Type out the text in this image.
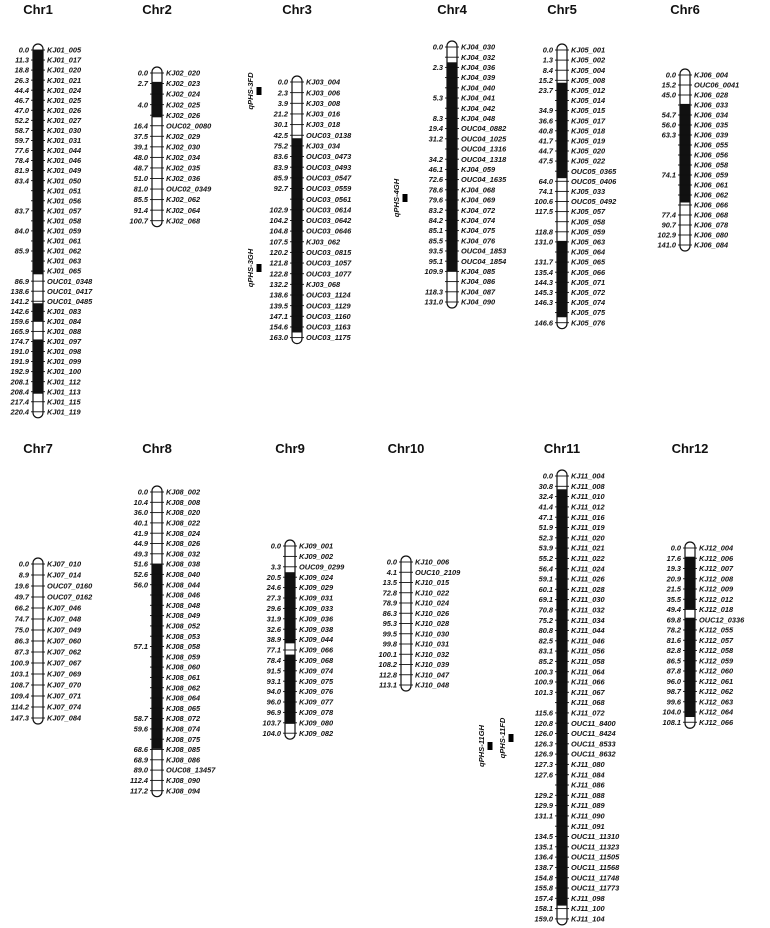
Chr1
0.0 KJ01_005
11.3 KJ01_017
18.8 KJ01_020
26.3 KJ01_021
44.4 KJ01_024
46.7 KJ01_025
47.0 KJ01_026
52.2 KJ01_027
58.7 KJ01_030
59.7 KJ01_031
77.6 KJ01_044
78.4 KJ01_046
81.9 KJ01_049
83.4 KJ01_050
KJ01_051
KJ01_056
83.7 KJ01_057
KJ01_058
84.0 KJ01_059
KJ01_061
85.9 KJ01_062
KJ01_063
KJ01_065
86.9 OUC01_0348
138.6 OUC01_0417
141.2 OUC01_0485
142.6 KJ01_083
159.6 KJ01_084
165.9 KJ01_088
174.7 KJ01_097
191.0 KJ01_098
191.9 KJ01_099
192.9 KJ01_100
208.1 KJ01_112
208.4 KJ01_113
217.4 KJ01_115
220.4 KJ01_119
Chr2
0.0 KJ02_020
2.7 KJ02_023
KJ02_024
4.0 KJ02_025
KJ02_026
16.4 OUC02_0080
37.5 KJ02_029
39.1 KJ02_030
48.0 KJ02_034
48.7 KJ02_035
51.0 KJ02_036
81.0 OUC02_0349
85.5 KJ02_062
91.4 KJ02_064
100.7 KJ02_068
Chr3
0.0 KJ03_004
2.3 KJ03_006
3.9 KJ03_008
21.2 KJ03_016
30.1 KJ03_018
42.5 OUC03_0138
75.2 KJ03_034
83.6 OUC03_0473
83.9 OUC03_0493
85.9 OUC03_0547
92.7 OUC03_0559
OUC03_0561
102.9 OUC03_0614
104.2 OUC03_0642
104.8 OUC03_0646
107.5 KJ03_062
120.2 OUC03_0815
121.8 OUC03_1057
122.8 OUC03_1077
132.2 KJ03_068
138.6 OUC03_1124
139.5 OUC03_1129
147.1 OUC03_1160
154.6 OUC03_1163
163.0 OUC03_1175
Chr4
0.0 KJ04_030
KJ04_032
2.3 KJ04_036
KJ04_039
KJ04_040
5.3 KJ04_041
KJ04_042
8.3 KJ04_048
19.4 OUC04_0882
31.2 OUC04_1025
OUC04_1316
34.2 OUC04_1318
46.1 KJ04_059
72.6 OUC04_1635
78.6 KJ04_068
79.6 KJ04_069
83.2 KJ04_072
84.2 KJ04_074
85.1 KJ04_075
85.5 KJ04_076
93.5 OUC04_1853
95.1 OUC04_1854
109.9 KJ04_085
KJ04_086
118.3 KJ04_087
131.0 KJ04_090
Chr5
0.0 KJ05_001
1.3 KJ05_002
8.4 KJ05_004
15.2 KJ05_008
23.7 KJ05_012
KJ05_014
34.9 KJ05_015
36.6 KJ05_017
40.8 KJ05_018
41.7 KJ05_019
44.7 KJ05_020
47.5 KJ05_022
OUC05_0365
64.0 OUC05_0406
74.1 KJ05_033
100.6 OUC05_0492
117.5 KJ05_057
KJ05_058
118.8 KJ05_059
131.0 KJ05_063
KJ05_064
131.7 KJ05_065
135.4 KJ05_066
144.3 KJ05_071
145.3 KJ05_072
146.3 KJ05_074
KJ05_075
146.6 KJ05_076
Chr6
0.0 KJ06_004
15.2 OUC06_0041
45.0 KJ06_028
KJ06_033
54.7 KJ06_034
56.0 KJ06_035
63.3 KJ06_039
KJ06_055
KJ06_056
KJ06_058
74.1 KJ06_059
KJ06_061
KJ06_062
KJ06_066
77.4 KJ06_068
90.7 KJ06_078
102.9 KJ06_080
141.0 KJ06_084
Chr7
0.0 KJ07_010
8.9 KJ07_014
19.6 OUC07_0160
49.7 OUC07_0162
66.2 KJ07_046
74.7 KJ07_048
75.0 KJ07_049
86.3 KJ07_060
87.3 KJ07_062
100.9 KJ07_067
103.1 KJ07_069
108.7 KJ07_070
109.4 KJ07_071
114.2 KJ07_074
147.3 KJ07_084
Chr8
0.0 KJ08_002
10.4 KJ08_008
36.0 KJ08_020
40.1 KJ08_022
41.9 KJ08_024
44.9 KJ08_026
49.3 KJ08_032
51.6 KJ08_038
52.6 KJ08_040
56.0 KJ08_044
KJ08_046
KJ08_048
KJ08_049
KJ08_052
KJ08_053
57.1 KJ08_058
KJ08_059
KJ08_060
KJ08_061
KJ08_062
KJ08_064
KJ08_065
58.7 KJ08_072
59.6 KJ08_074
KJ08_075
68.6 KJ08_085
68.9 KJ08_086
89.0 OUC08_13457
112.4 KJ08_090
117.2 KJ08_094
Chr9
0.0 KJ09_001
KJ09_002
3.3 OUC09_0299
20.5 KJ09_024
24.6 KJ09_029
27.3 KJ09_031
29.6 KJ09_033
31.9 KJ09_036
32.6 KJ09_038
38.9 KJ09_044
77.1 KJ09_066
78.4 KJ09_068
91.5 KJ09_074
93.1 KJ09_075
94.0 KJ09_076
96.0 KJ09_077
96.9 KJ09_078
103.7 KJ09_080
104.0 KJ09_082
Chr10
0.0 KJ10_006
4.1 OUC10_2109
13.5 KJ10_015
72.8 KJ10_022
78.9 KJ10_024
86.3 KJ10_026
95.3 KJ10_028
99.5 KJ10_030
99.8 KJ10_031
100.1 KJ10_032
108.2 KJ10_039
112.8 KJ10_047
113.1 KJ10_048
Chr11
0.0 KJ11_004
30.8 KJ11_008
32.4 KJ11_010
41.4 KJ11_012
47.1 KJ11_016
51.9 KJ11_019
52.3 KJ11_020
53.9 KJ11_021
55.2 KJ11_022
56.4 KJ11_024
59.1 KJ11_026
60.1 KJ11_028
69.1 KJ11_030
70.8 KJ11_032
75.2 KJ11_034
80.8 KJ11_044
82.5 KJ11_046
83.1 KJ11_056
85.2 KJ11_058
100.3 KJ11_064
100.9 KJ11_066
101.3 KJ11_067
KJ11_068
115.6 KJ11_072
120.8 OUC11_8400
126.0 OUC11_8424
126.3 OUC11_8533
126.9 OUC11_8632
127.3 KJ11_080
127.6 KJ11_084
KJ11_086
129.2 KJ11_088
129.9 KJ11_089
131.1 KJ11_090
KJ11_091
134.5 OUC11_11310
135.1 OUC11_11323
136.4 OUC11_11505
138.7 OUC11_11568
154.8 OUC11_11748
155.8 OUC11_11773
157.4 KJ11_098
158.1 KJ11_100
159.0 KJ11_104
Chr12
0.0 KJ12_004
17.6 KJ12_006
19.3 KJ12_007
20.9 KJ12_008
21.5 KJ12_009
35.5 KJ12_012
49.4 KJ12_018
69.8 OUC12_0336
78.2 KJ12_055
81.6 KJ12_057
82.8 KJ12_058
86.5 KJ12_059
87.8 KJ12_060
96.0 KJ12_061
98.7 KJ12_062
99.6 KJ12_063
104.0 KJ12_064
108.1 KJ12_066
qPHS-3FD
qPHS-3GH
qPHS-4GH
qPHS-11GH qPHS-11FD
